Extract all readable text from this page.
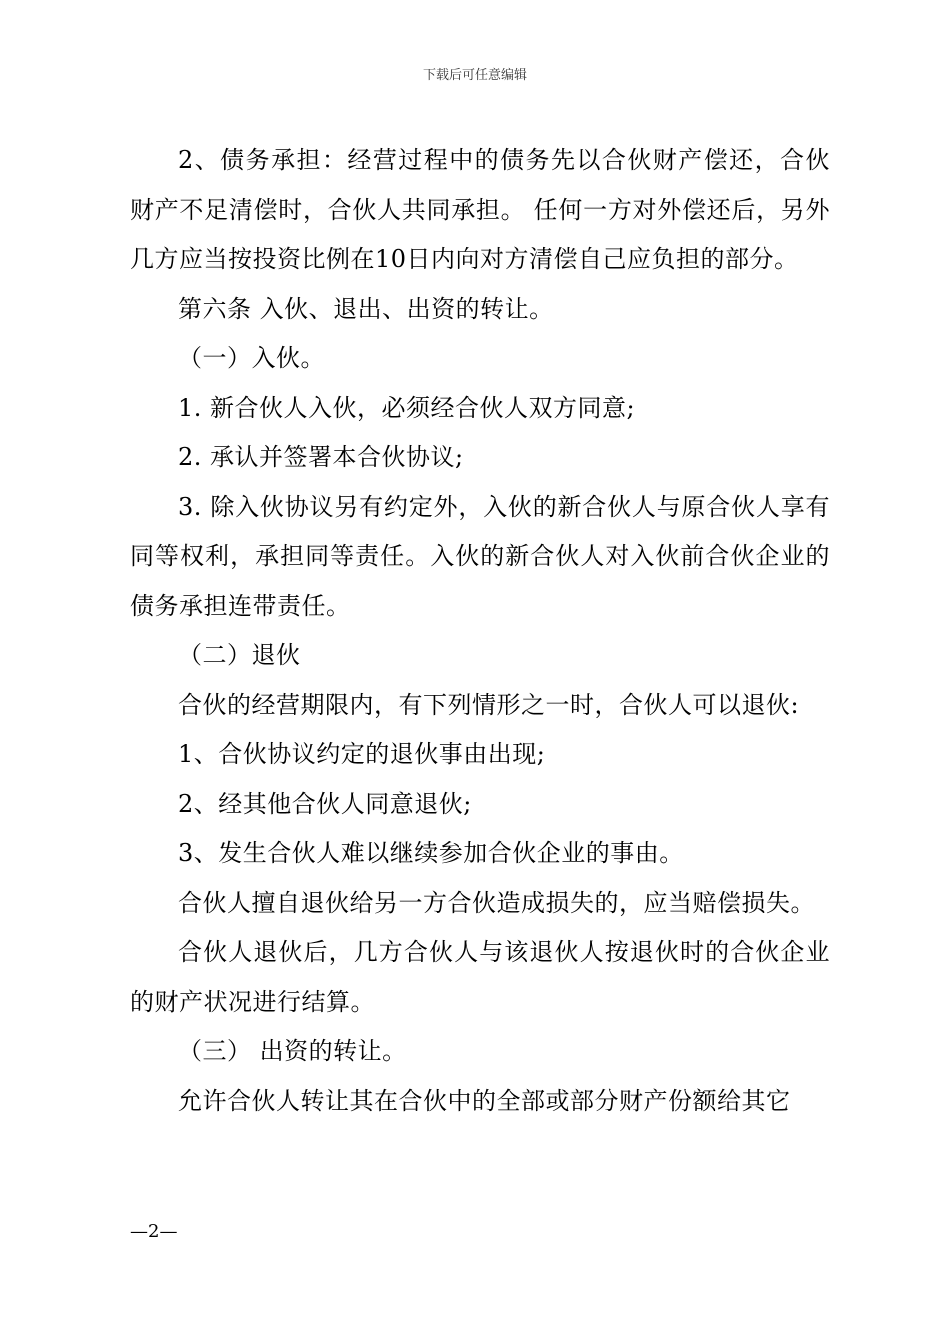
下载后可任意编辑

2、债务承担：经营过程中的债务先以合伙财产偿还，合伙财产不足清偿时，合伙人共同承担。 任何一方对外偿还后，另外几方应当按投资比例在10日内向对方清偿自己应负担的部分。

第六条 入伙、退出、出资的转让。

（一）入伙。

1. 新合伙人入伙，必须经合伙人双方同意;

2. 承认并签署本合伙协议;

3. 除入伙协议另有约定外，入伙的新合伙人与原合伙人享有同等权利，承担同等责任。入伙的新合伙人对入伙前合伙企业的债务承担连带责任。

（二）退伙

合伙的经营期限内，有下列情形之一时，合伙人可以退伙:

1、合伙协议约定的退伙事由出现;

2、经其他合伙人同意退伙;

3、发生合伙人难以继续参加合伙企业的事由。

合伙人擅自退伙给另一方合伙造成损失的，应当赔偿损失。

合伙人退伙后，几方合伙人与该退伙人按退伙时的合伙企业的财产状况进行结算。

（三） 出资的转让。

允许合伙人转让其在合伙中的全部或部分财产份额给其它

—2—
